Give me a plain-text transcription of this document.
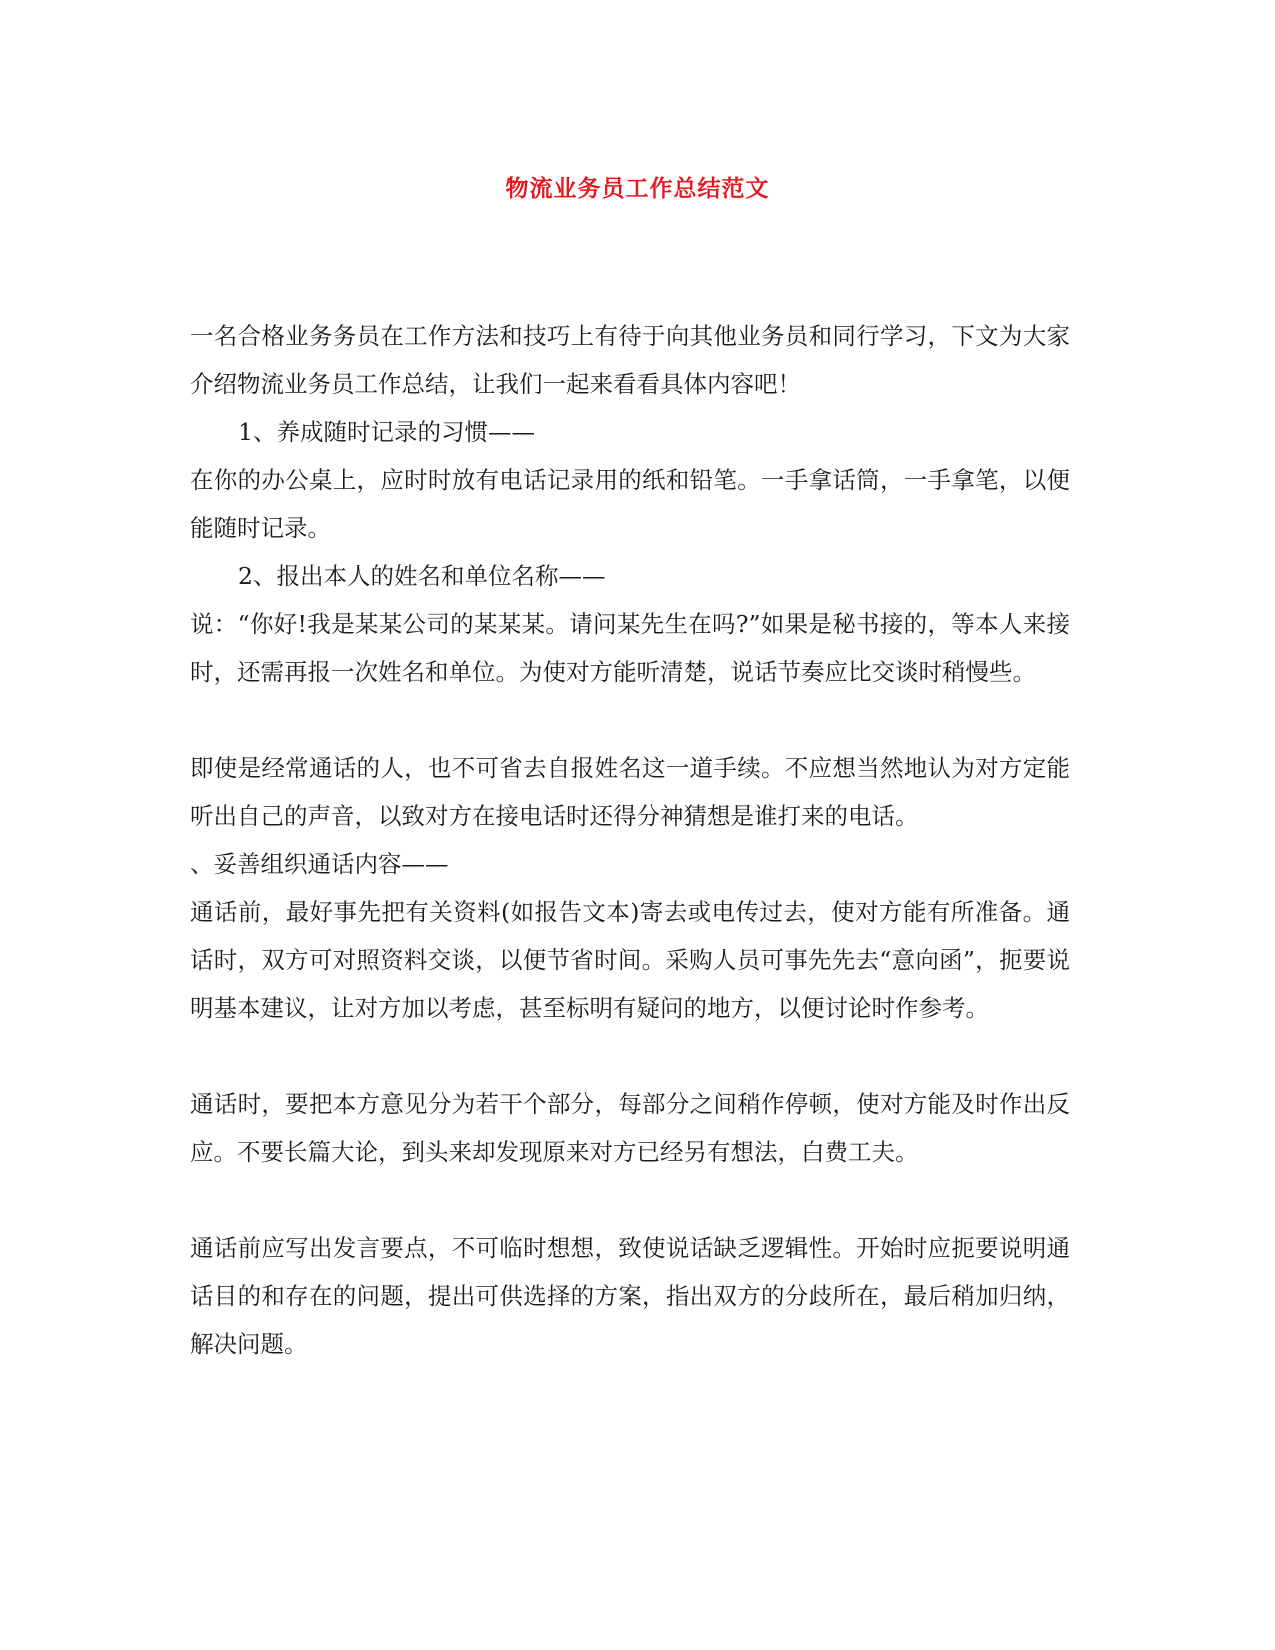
物流业务员工作总结范文

一名合格业务务员在工作方法和技巧上有待于向其他业务员和同行学习，下文为大家介绍物流业务员工作总结，让我们一起来看看具体内容吧！

1、养成随时记录的习惯——

在你的办公桌上，应时时放有电话记录用的纸和铅笔。一手拿话筒，一手拿笔，以便能随时记录。

2、报出本人的姓名和单位名称——

说：“你好!我是某某公司的某某某。请问某先生在吗?”如果是秘书接的，等本人来接时，还需再报一次姓名和单位。为使对方能听清楚，说话节奏应比交谈时稍慢些。

即使是经常通话的人，也不可省去自报姓名这一道手续。不应想当然地认为对方定能听出自己的声音，以致对方在接电话时还得分神猜想是谁打来的电话。

、妥善组织通话内容——

通话前，最好事先把有关资料(如报告文本)寄去或电传过去，使对方能有所准备。通话时，双方可对照资料交谈，以便节省时间。采购人员可事先先去“意向函”，扼要说明基本建议，让对方加以考虑，甚至标明有疑问的地方，以便讨论时作参考。

通话时，要把本方意见分为若干个部分，每部分之间稍作停顿，使对方能及时作出反应。不要长篇大论，到头来却发现原来对方已经另有想法，白费工夫。

通话前应写出发言要点，不可临时想想，致使说话缺乏逻辑性。开始时应扼要说明通话目的和存在的问题，提出可供选择的方案，指出双方的分歧所在，最后稍加归纳，解决问题。
